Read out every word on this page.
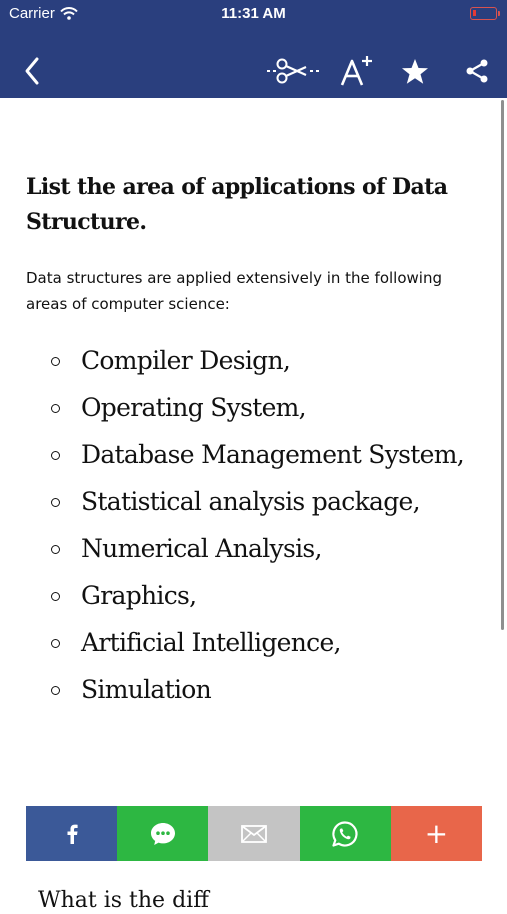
Carrier	11:31 AM
List the area of applications of Data Structure.

Data structures are applied extensively in the following areas of computer science:

Compiler Design,
Operating System,
Database Management System,
Statistical analysis package,
Numerical Analysis,
Graphics,
Artificial Intelligence,
Simulation
+
What is the diff
